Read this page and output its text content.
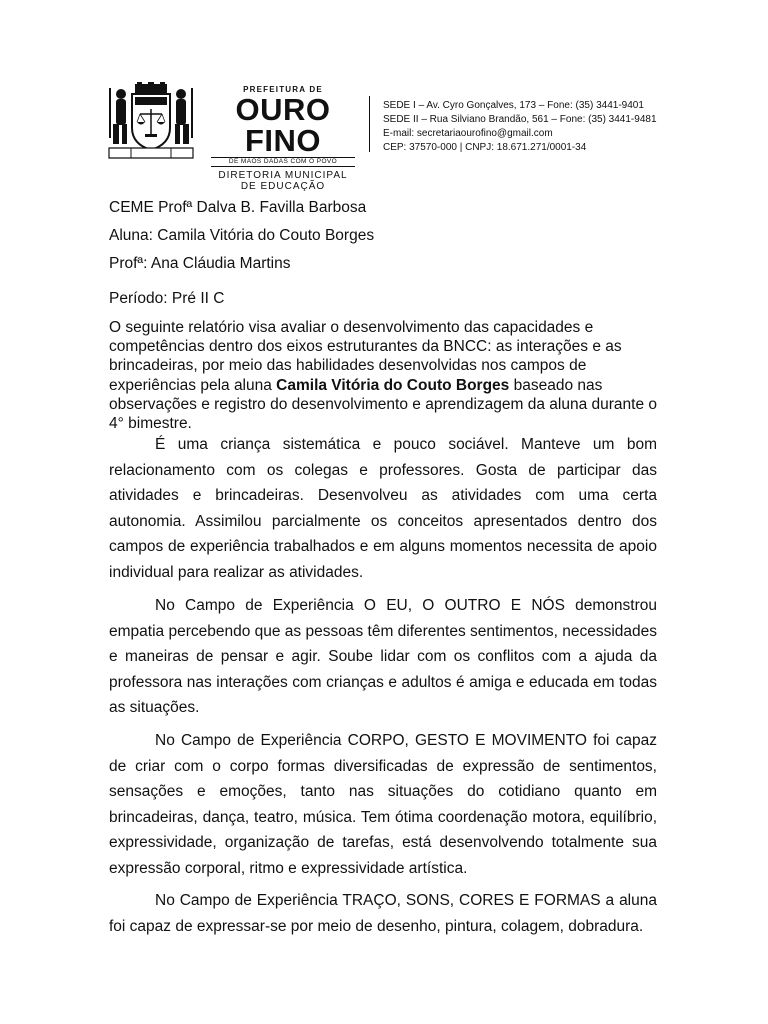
PREFEITURA DE
OURO FINO
DE MÃOS DADAS COM O POVO
DIRETORIA MUNICIPAL
DE EDUCAÇÃO
SEDE I – Av. Cyro Gonçalves, 173 – Fone: (35) 3441-9401
SEDE II – Rua Silviano Brandão, 561 – Fone: (35) 3441-9481
E-mail: secretariaourofino@gmail.com
CEP: 37570-000 | CNPJ: 18.671.271/0001-34
CEME Profª Dalva B. Favilla Barbosa
Aluna: Camila Vitória do Couto Borges
Profª: Ana Cláudia Martins
Período: Pré II C
O seguinte relatório visa avaliar o desenvolvimento das capacidades e competências dentro dos eixos estruturantes da BNCC: as interações e as brincadeiras, por meio das habilidades desenvolvidas nos campos de experiências pela aluna Camila Vitória do Couto Borges baseado nas observações e registro do desenvolvimento e aprendizagem da aluna durante o 4° bimestre.
É uma criança sistemática e pouco sociável. Manteve um bom relacionamento com os colegas e professores. Gosta de participar das atividades e brincadeiras. Desenvolveu as atividades com uma certa autonomia. Assimilou parcialmente os conceitos apresentados dentro dos campos de experiência trabalhados e em alguns momentos necessita de apoio individual para realizar as atividades.
No Campo de Experiência O EU, O OUTRO E NÓS demonstrou empatia percebendo que as pessoas têm diferentes sentimentos, necessidades e maneiras de pensar e agir. Soube lidar com os conflitos com a ajuda da professora nas interações com crianças e adultos é amiga e educada em todas as situações.
No Campo de Experiência CORPO, GESTO E MOVIMENTO foi capaz de criar com o corpo formas diversificadas de expressão de sentimentos, sensações e emoções, tanto nas situações do cotidiano quanto em brincadeiras, dança, teatro, música. Tem ótima coordenação motora, equilíbrio, expressividade, organização de tarefas, está desenvolvendo totalmente sua expressão corporal, ritmo e expressividade artística.
No Campo de Experiência TRAÇO, SONS, CORES E FORMAS a aluna foi capaz de expressar-se por meio de desenho, pintura, colagem, dobradura.
